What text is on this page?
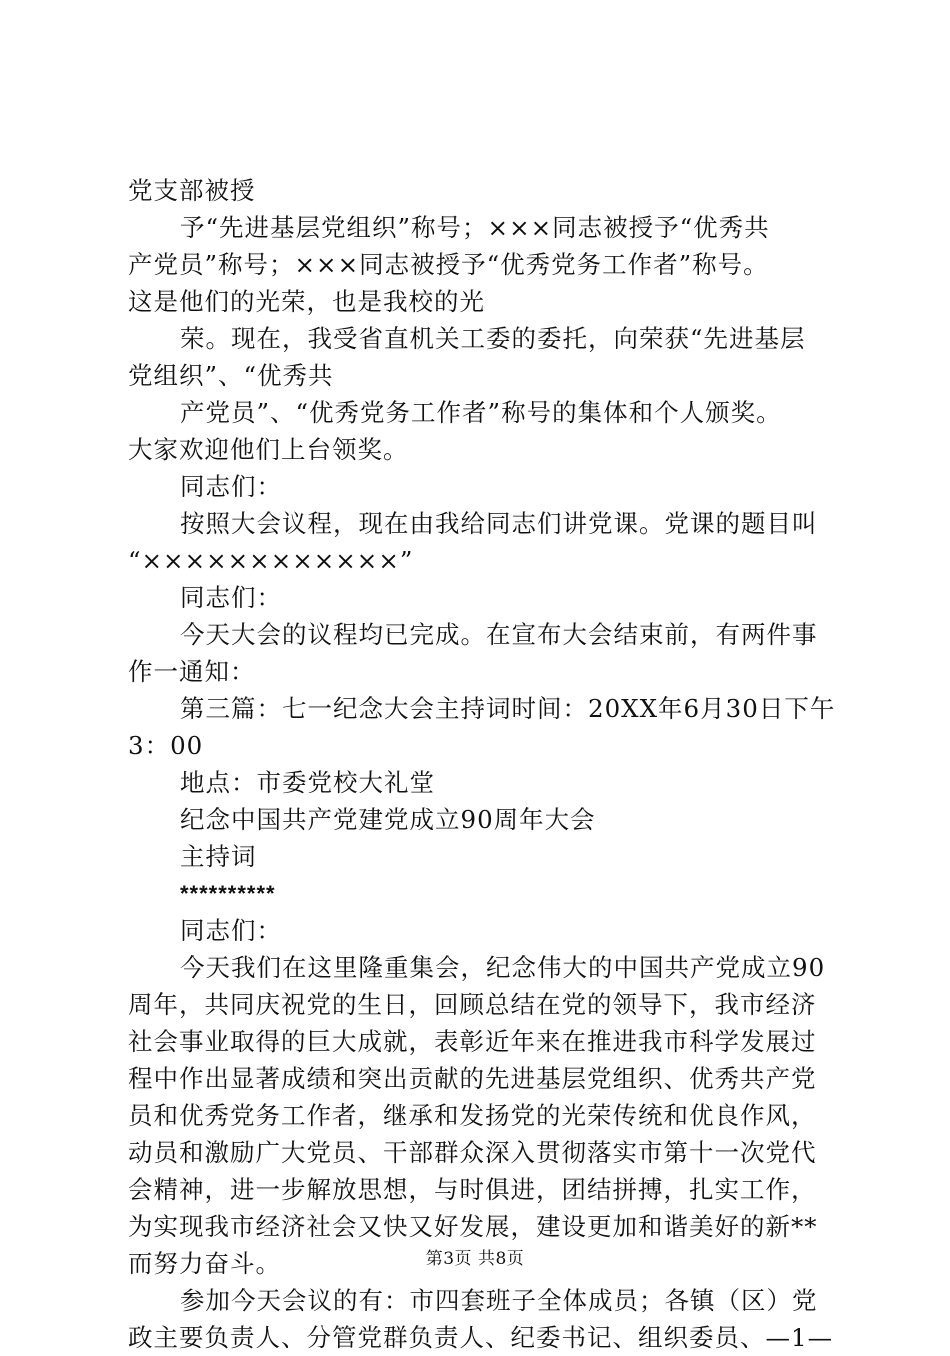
党支部被授
予“先进基层党组织”称号；×××同志被授予“优秀共
产党员”称号；×××同志被授予“优秀党务工作者”称号。
这是他们的光荣，也是我校的光
荣。现在，我受省直机关工委的委托，向荣获“先进基层
党组织”、“优秀共
产党员”、“优秀党务工作者”称号的集体和个人颁奖。
大家欢迎他们上台领奖。
同志们：
按照大会议程，现在由我给同志们讲党课。党课的题目叫
“××××××××××××”
同志们：
今天大会的议程均已完成。在宣布大会结束前，有两件事
作一通知：
第三篇：七一纪念大会主持词时间：20XX年6月30日下午
3：00
地点：市委党校大礼堂
纪念中国共产党建党成立90周年大会
主持词
**********
同志们：
今天我们在这里隆重集会，纪念伟大的中国共产党成立90
周年，共同庆祝党的生日，回顾总结在党的领导下，我市经济
社会事业取得的巨大成就，表彰近年来在推进我市科学发展过
程中作出显著成绩和突出贡献的先进基层党组织、优秀共产党
员和优秀党务工作者，继承和发扬党的光荣传统和优良作风，
动员和激励广大党员、干部群众深入贯彻落实市第十一次党代
会精神，进一步解放思想，与时俱进，团结拼搏，扎实工作，
为实现我市经济社会又快又好发展，建设更加和谐美好的新**
而努力奋斗。
参加今天会议的有：市四套班子全体成员；各镇（区）党
政主要负责人、分管党群负责人、纪委书记、组织委员、—1—
第3页 共8页
